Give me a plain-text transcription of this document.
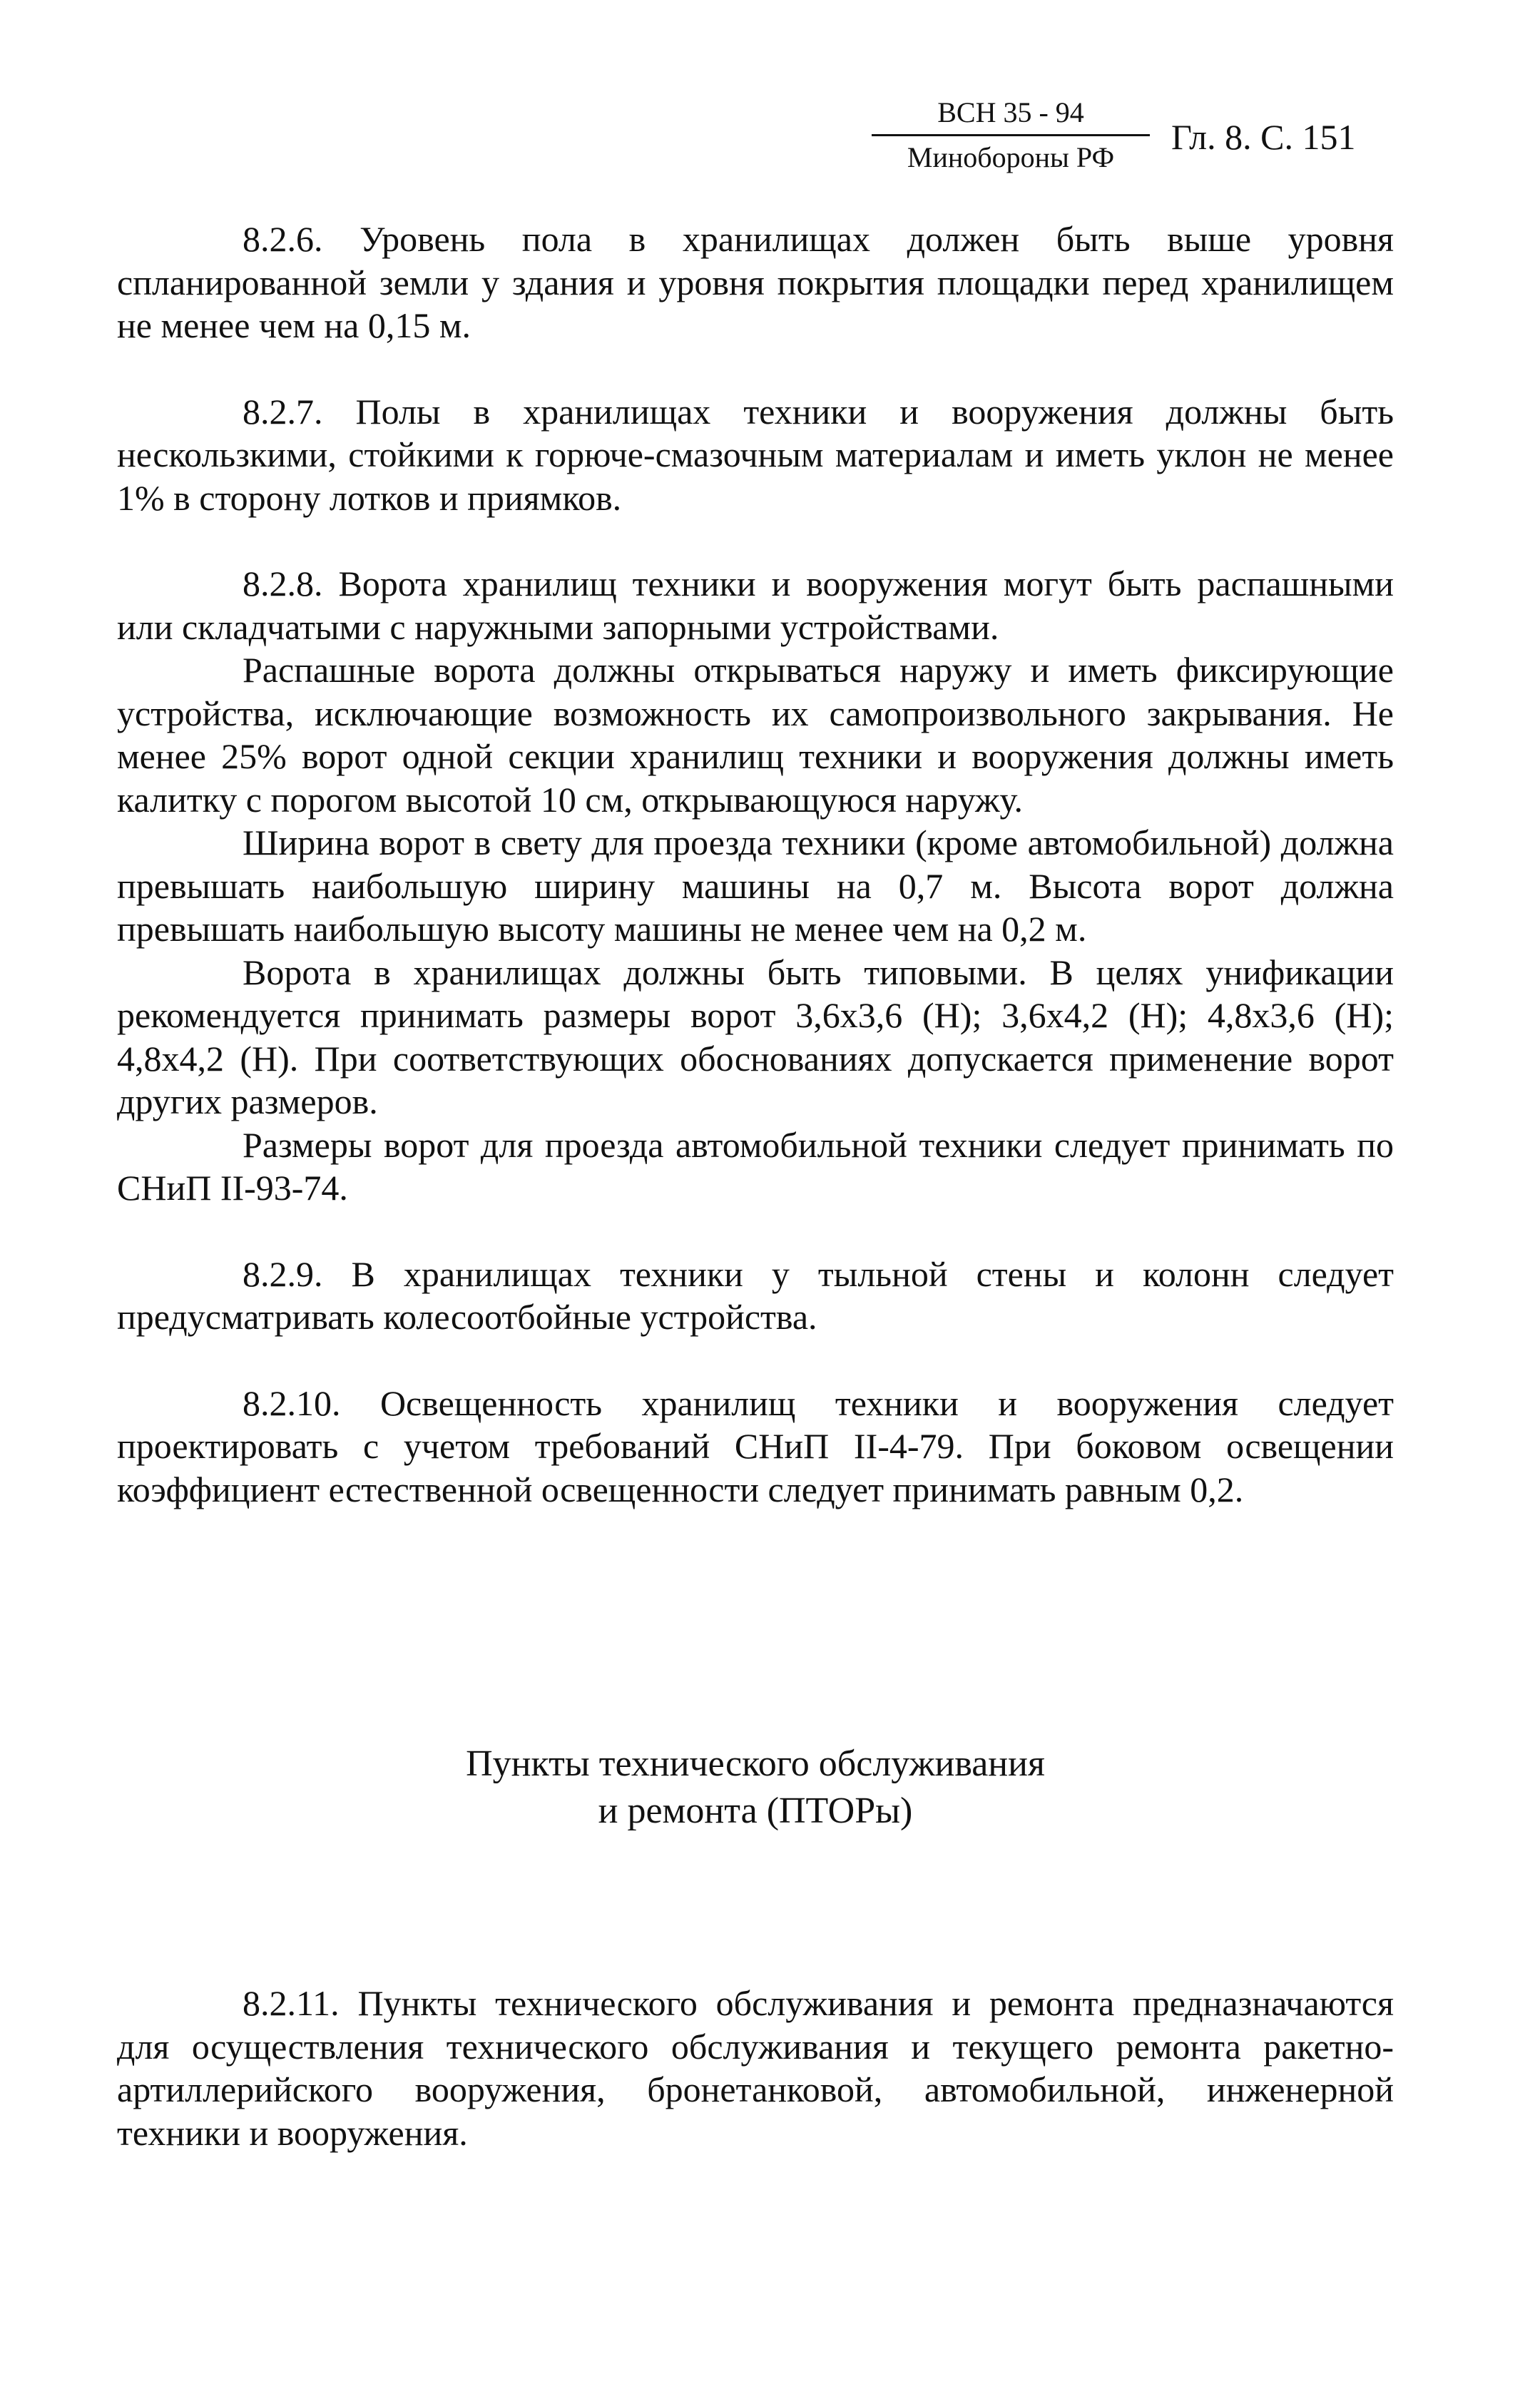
ВСН 35 - 94
Минобороны РФ
Гл. 8. С. 151

8.2.6. Уровень пола в хранилищах должен быть выше уровня спланированной земли у здания и уровня покрытия площадки перед хранилищем не менее чем на 0,15 м.

8.2.7. Полы в хранилищах техники и вооружения должны быть нескользкими, стойкими к горюче-смазочным материалам и иметь уклон не менее 1% в сторону лотков и приямков.

8.2.8. Ворота хранилищ техники и вооружения могут быть распашными или складчатыми с наружными запорными устройствами.

Распашные ворота должны открываться наружу и иметь фиксирующие устройства, исключающие возможность их самопроизвольного закрывания. Не менее 25% ворот одной секции хранилищ техники и вооружения должны иметь калитку с порогом высотой 10 см, открывающуюся наружу.

Ширина ворот в свету для проезда техники (кроме автомобильной) должна превышать наибольшую ширину машины на 0,7 м. Высота ворот должна превышать наибольшую высоту машины не менее чем на 0,2 м.

Ворота в хранилищах должны быть типовыми. В целях унификации рекомендуется принимать размеры ворот 3,6х3,6 (Н); 3,6х4,2 (Н); 4,8х3,6 (Н); 4,8х4,2 (Н). При соответствующих обоснованиях допускается применение ворот других размеров.

Размеры ворот для проезда автомобильной техники следует принимать по СНиП II-93-74.

8.2.9. В хранилищах техники у тыльной стены и колонн следует предусматривать колесоотбойные устройства.

8.2.10. Освещенность хранилищ техники и вооружения следует проектировать с учетом требований СНиП II-4-79. При боковом освещении коэффициент естественной освещенности следует принимать равным 0,2.

Пункты технического обслуживания
и ремонта (ПТОРы)

8.2.11. Пункты технического обслуживания и ремонта предназначаются для осуществления технического обслуживания и текущего ремонта ракетно-артиллерийского вооружения, бронетанковой, автомобильной, инженерной техники и вооружения.
